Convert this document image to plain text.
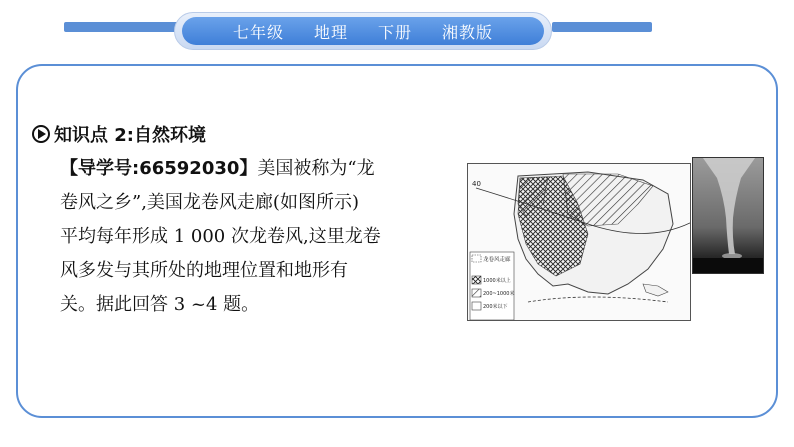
七年级 地理 下册 湘教版
知识点 2:自然环境
【导学号:66592030】美国被称为“龙
卷风之乡”,美国龙卷风走廊(如图所示)
平均每年形成 1 000 次龙卷风,这里龙卷
风多发与其所处的地理位置和地形有
关。据此回答 3 ~4 题。
40
龙卷风走廊
1000米以上
200~1000米
200米以下
